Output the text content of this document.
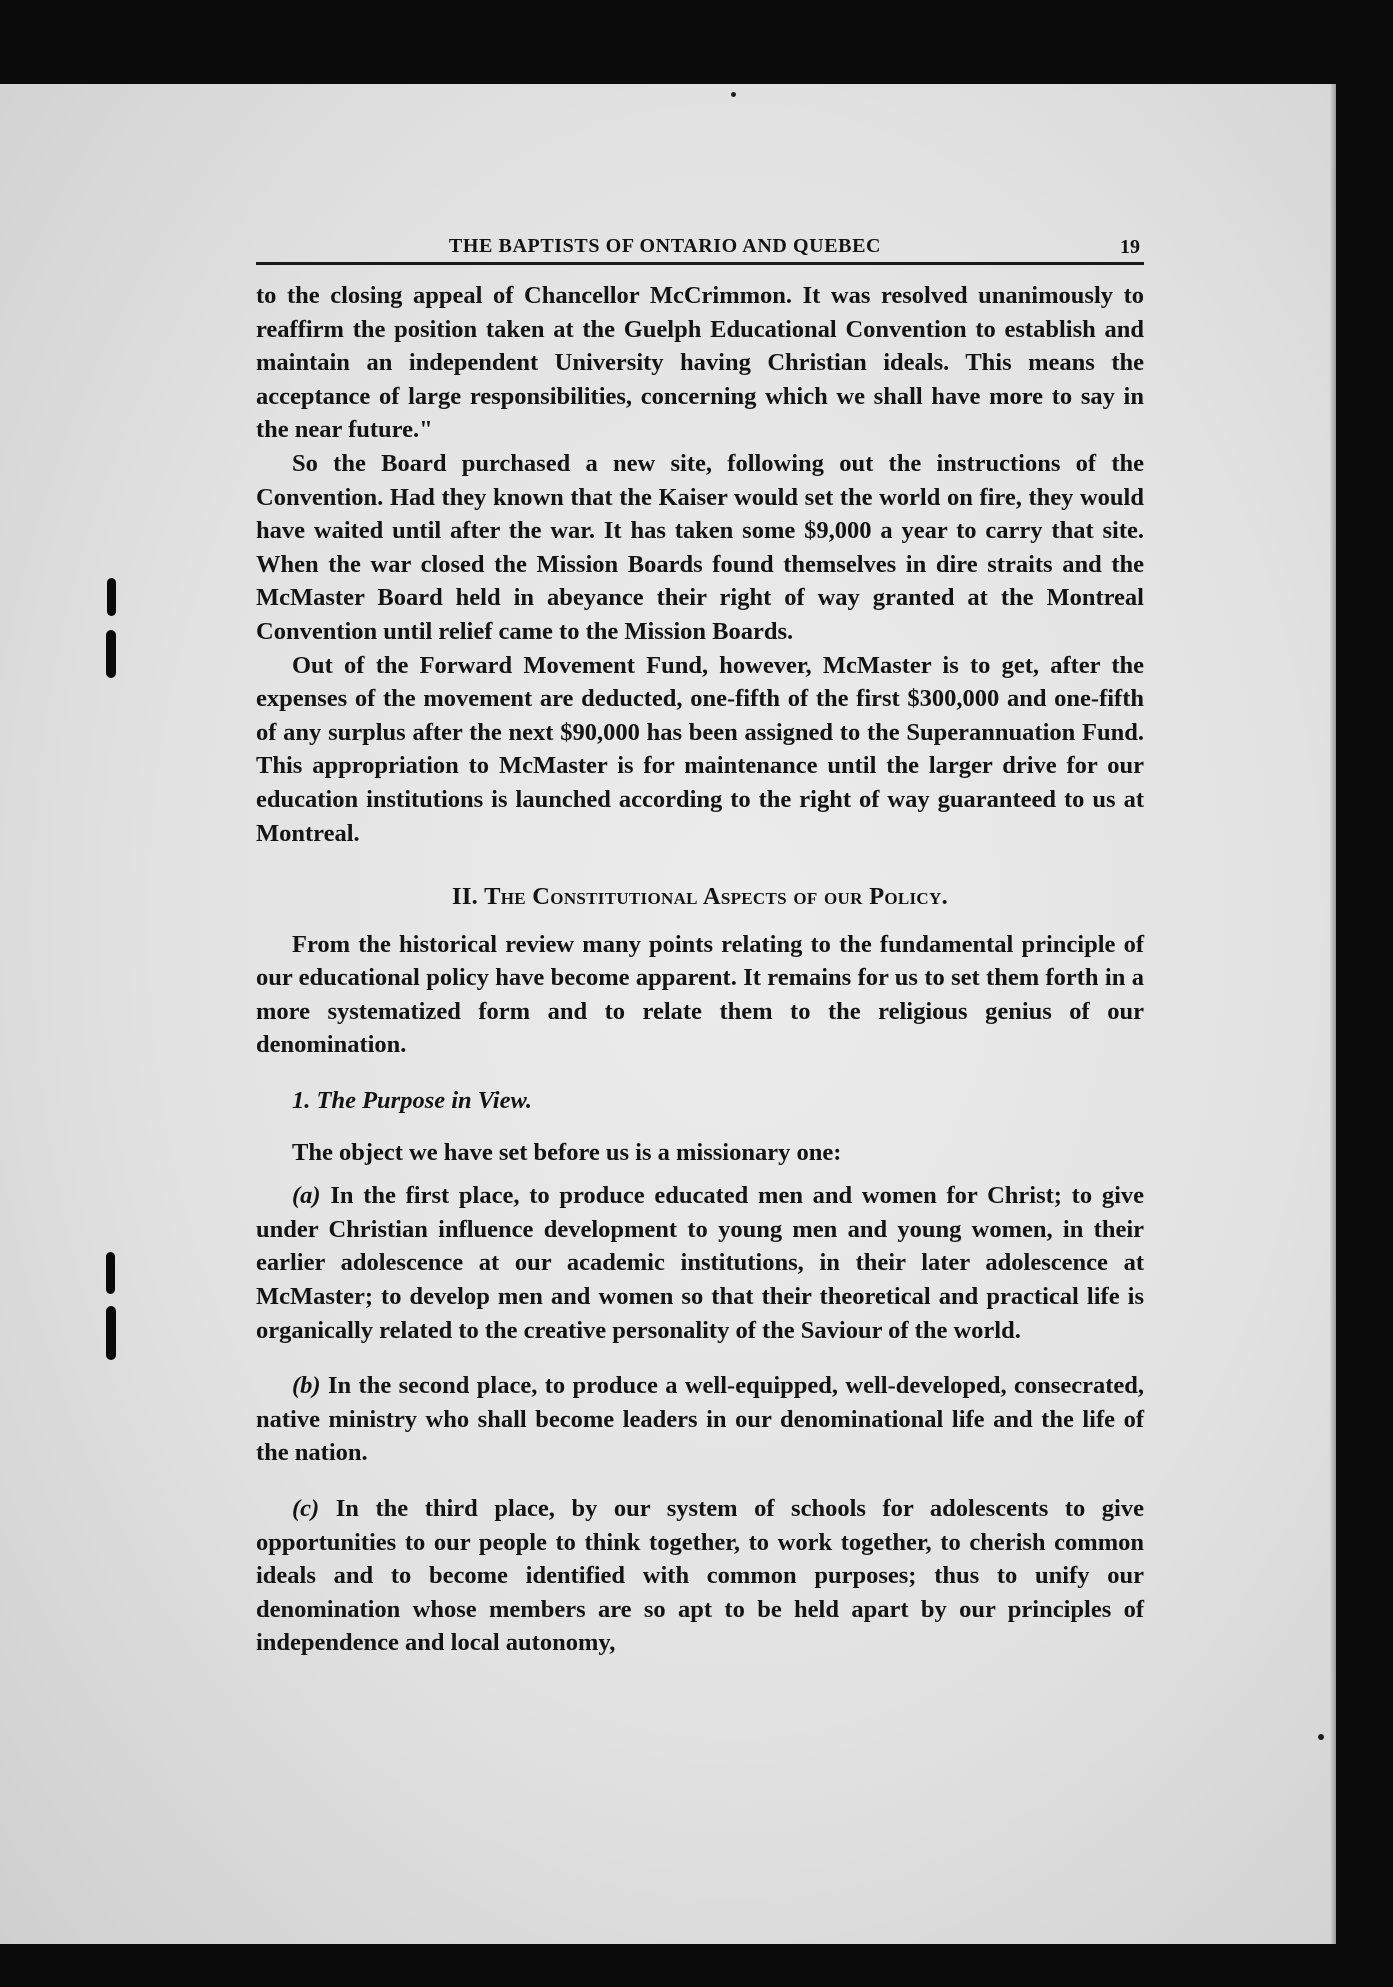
THE BAPTISTS OF ONTARIO AND QUEBEC	19

to the closing appeal of Chancellor McCrimmon. It was resolved unanimously to reaffirm the position taken at the Guelph Educational Convention to establish and maintain an independent University having Christian ideals. This means the acceptance of large responsibilities, concerning which we shall have more to say in the near future."

So the Board purchased a new site, following out the instructions of the Convention. Had they known that the Kaiser would set the world on fire, they would have waited until after the war. It has taken some $9,000 a year to carry that site. When the war closed the Mission Boards found themselves in dire straits and the McMaster Board held in abeyance their right of way granted at the Montreal Convention until relief came to the Mission Boards.

Out of the Forward Movement Fund, however, McMaster is to get, after the expenses of the movement are deducted, one-fifth of the first $300,000 and one-fifth of any surplus after the next $90,000 has been assigned to the Superannuation Fund. This appropriation to McMaster is for maintenance until the larger drive for our education institutions is launched according to the right of way guaranteed to us at Montreal.

II. The Constitutional Aspects of our Policy.

From the historical review many points relating to the fundamental principle of our educational policy have become apparent. It remains for us to set them forth in a more systematized form and to relate them to the religious genius of our denomination.

1. The Purpose in View.

The object we have set before us is a missionary one:

(a) In the first place, to produce educated men and women for Christ; to give under Christian influence development to young men and young women, in their earlier adolescence at our academic institutions, in their later adolescence at McMaster; to develop men and women so that their theoretical and practical life is organically related to the creative personality of the Saviour of the world.

(b) In the second place, to produce a well-equipped, well-developed, consecrated, native ministry who shall become leaders in our denominational life and the life of the nation.

(c) In the third place, by our system of schools for adolescents to give opportunities to our people to think together, to work together, to cherish common ideals and to become identified with common purposes; thus to unify our denomination whose members are so apt to be held apart by our principles of independence and local autonomy,
